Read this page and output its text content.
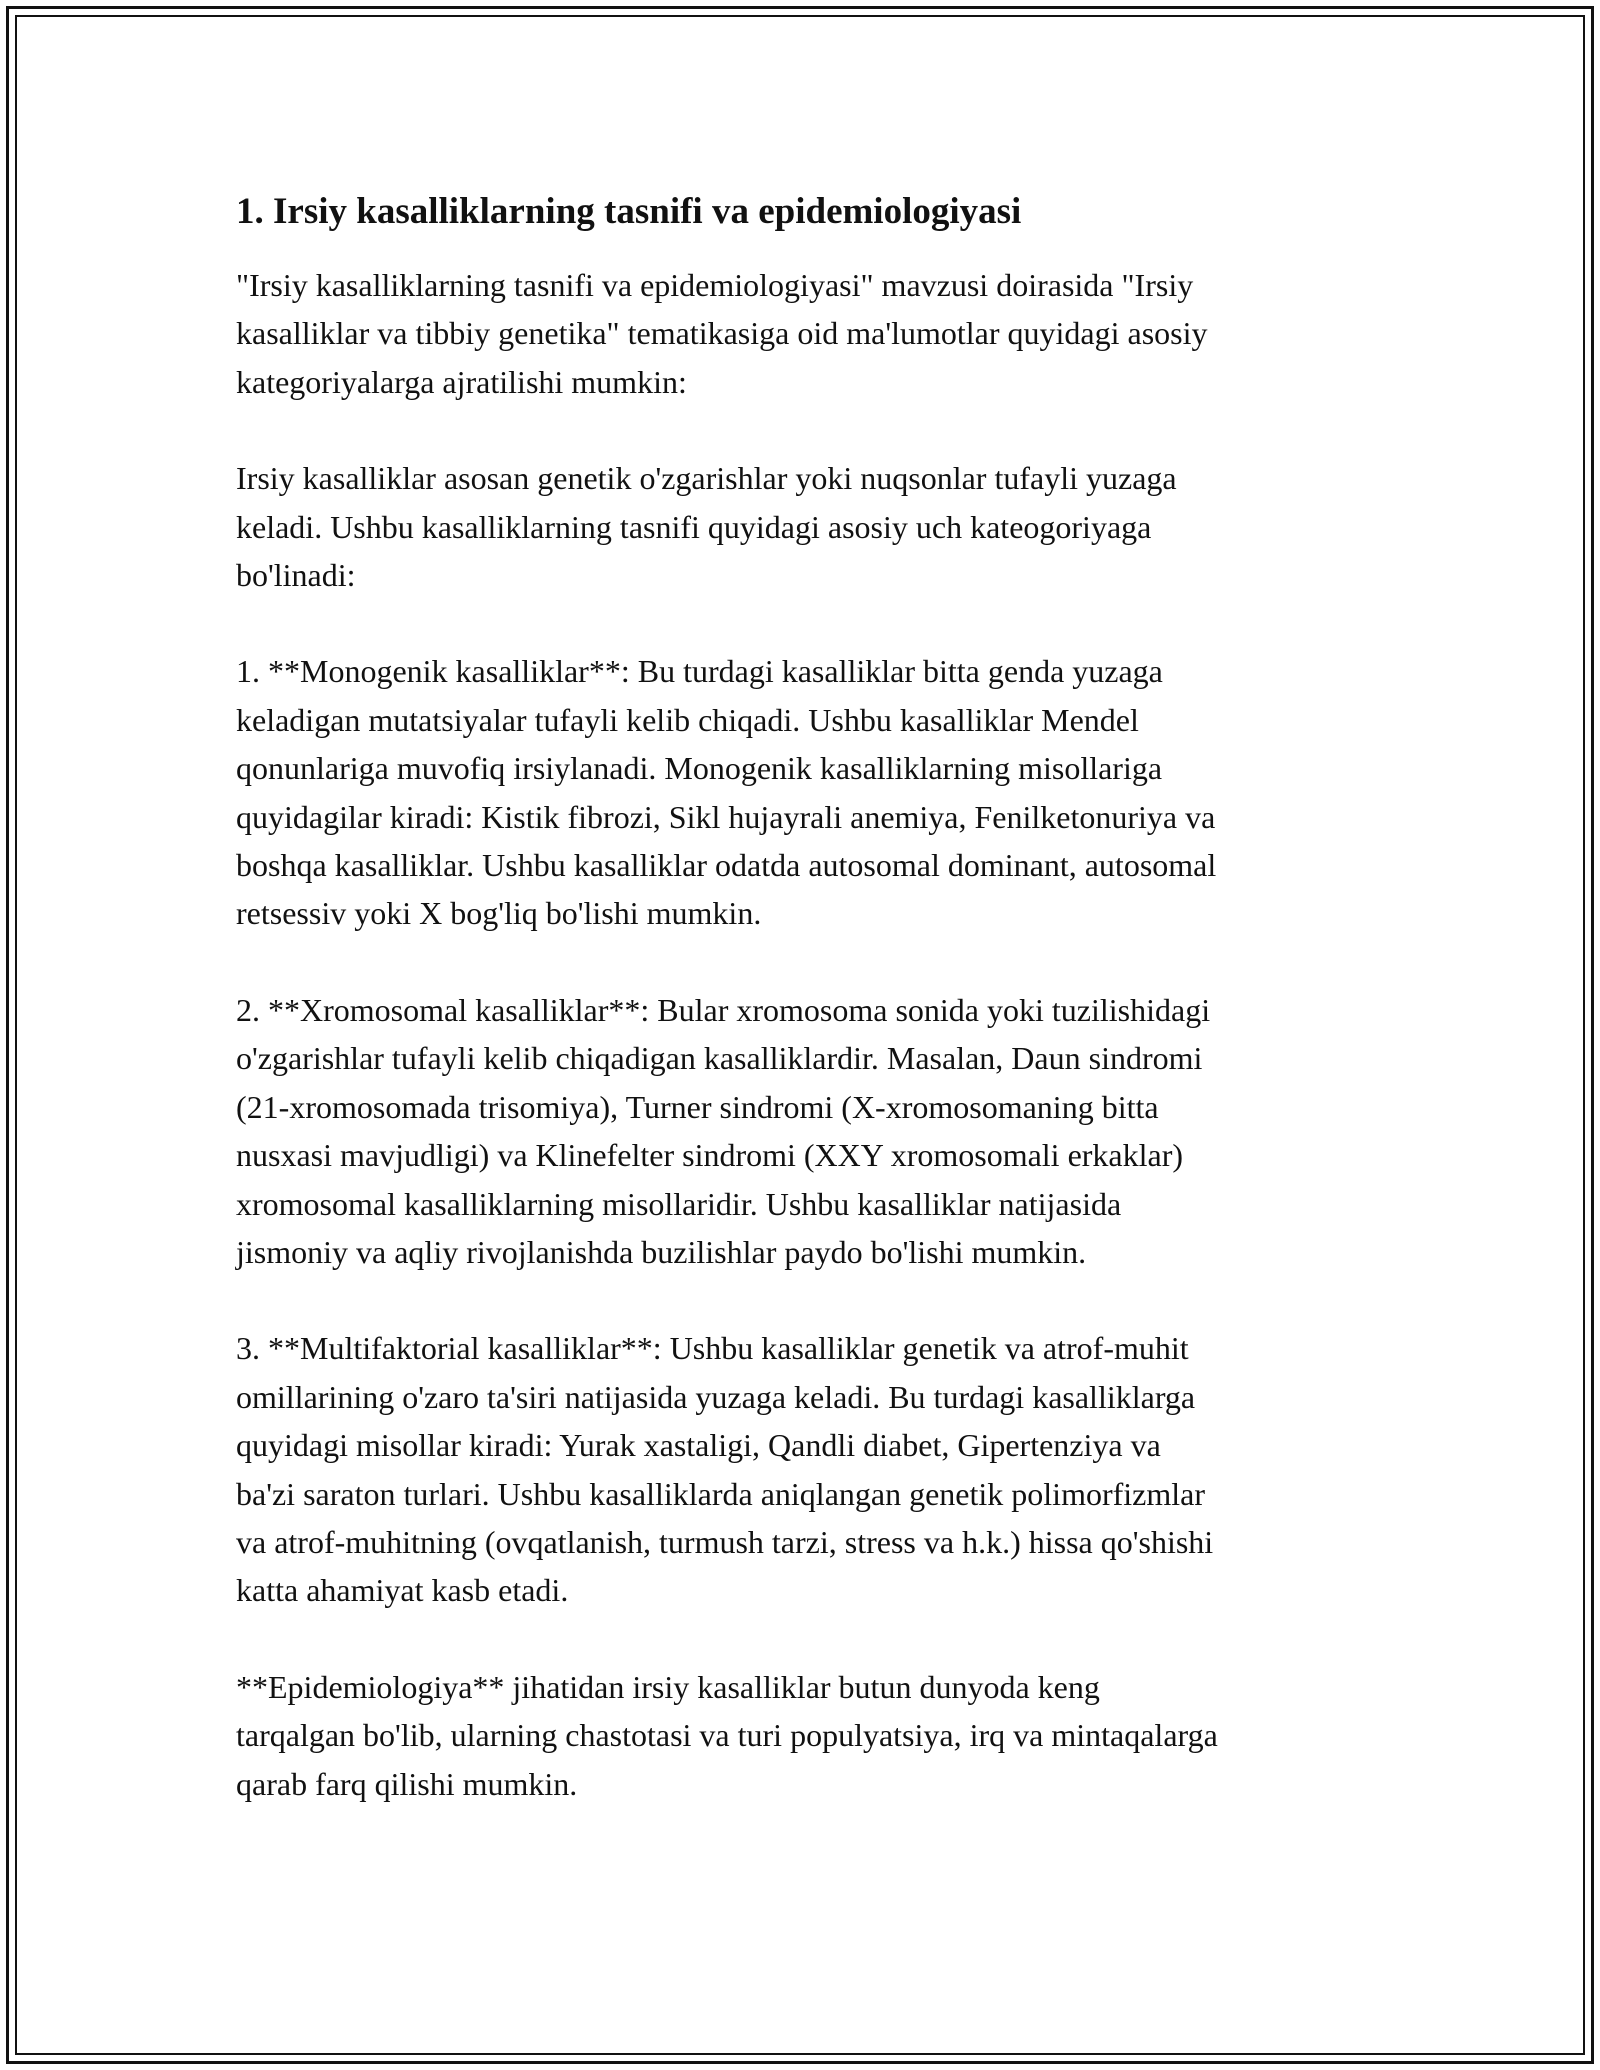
1. Irsiy kasalliklarning tasnifi va epidemiologiyasi

"Irsiy kasalliklarning tasnifi va epidemiologiyasi" mavzusi doirasida "Irsiy
kasalliklar va tibbiy genetika" tematikasiga oid ma'lumotlar quyidagi asosiy
kategoriyalarga ajratilishi mumkin:

Irsiy kasalliklar asosan genetik o'zgarishlar yoki nuqsonlar tufayli yuzaga
keladi. Ushbu kasalliklarning tasnifi quyidagi asosiy uch kateogoriyaga
bo'linadi:

1. **Monogenik kasalliklar**: Bu turdagi kasalliklar bitta genda yuzaga
keladigan mutatsiyalar tufayli kelib chiqadi. Ushbu kasalliklar Mendel
qonunlariga muvofiq irsiylanadi. Monogenik kasalliklarning misollariga
quyidagilar kiradi: Kistik fibrozi, Sikl hujayrali anemiya, Fenilketonuriya va
boshqa kasalliklar. Ushbu kasalliklar odatda autosomal dominant, autosomal
retsessiv yoki X bog'liq bo'lishi mumkin.

2. **Xromosomal kasalliklar**: Bular xromosoma sonida yoki tuzilishidagi
o'zgarishlar tufayli kelib chiqadigan kasalliklardir. Masalan, Daun sindromi
(21-xromosomada trisomiya), Turner sindromi (X-xromosomaning bitta
nusxasi mavjudligi) va Klinefelter sindromi (XXY xromosomali erkaklar)
xromosomal kasalliklarning misollaridir. Ushbu kasalliklar natijasida
jismoniy va aqliy rivojlanishda buzilishlar paydo bo'lishi mumkin.

3. **Multifaktorial kasalliklar**: Ushbu kasalliklar genetik va atrof-muhit
omillarining o'zaro ta'siri natijasida yuzaga keladi. Bu turdagi kasalliklarga
quyidagi misollar kiradi: Yurak xastaligi, Qandli diabet, Gipertenziya va
ba'zi saraton turlari. Ushbu kasalliklarda aniqlangan genetik polimorfizmlar
va atrof-muhitning (ovqatlanish, turmush tarzi, stress va h.k.) hissa qo'shishi
katta ahamiyat kasb etadi.

**Epidemiologiya** jihatidan irsiy kasalliklar butun dunyoda keng
tarqalgan bo'lib, ularning chastotasi va turi populyatsiya, irq va mintaqalarga
qarab farq qilishi mumkin.
